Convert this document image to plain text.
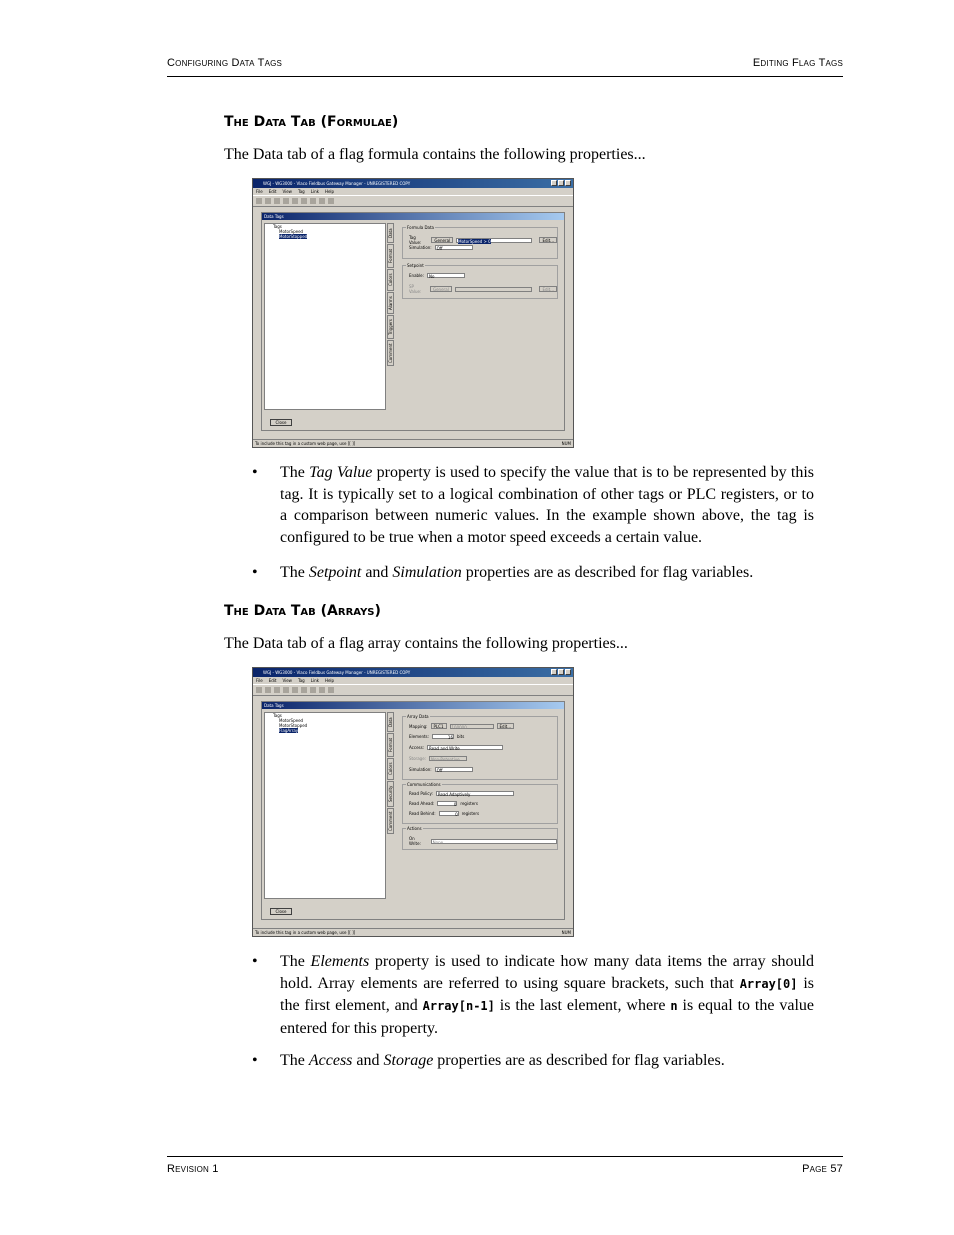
Configuring Data Tags	Editing Flag Tags
The Data Tab (Formulae)
The Data tab of a flag formula contains the following properties...
WGJ - WG3000 - Vlaco Fieldbus Gateway Manager - UNREGISTERED COPY
File Edit View Tag Link Help
Data Tags
Tags
MotorSpeed
MotorStopped	Data
Format
Colors
Alarms
Triggers
Comment
Formula Data
Tag Value:	General	MotorSpeed > 0	Edit...
Simulation:	Off
Setpoint
Enable:	No
SP Value:	General	Edit...
Close
To include this tag in a custom web page, use [[ ]]	NUM
• The Tag Value property is used to specify the value that is to be represented by this tag. It is typically set to a logical combination of other tags or PLC registers, or to a comparison between numeric values. In the example shown above, the tag is configured to be true when a motor speed exceeds a certain value.
• The Setpoint and Simulation properties are as described for flag variables.
The Data Tab (Arrays)
The Data tab of a flag array contains the following properties...
WGJ - WG3000 - Vlaco Fieldbus Gateway Manager - UNREGISTERED COPY
File Edit View Tag Link Help
Data Tags
Tags
MotorSpeed
MotorStopped
FlagArray
Data
Format
Colors
Security
Comment
Array Data
Mapping:	PLC1	100000	Edit...
Elements:	16 bits
Access:	Read and Write
Storage:	Non-Retentive
Simulation:	Off
Communications
Read Policy:	Read Adaptively
Read Ahead:	0 registers
Read Behind:	0 registers
Actions
On Write:	None
Close
To include this tag in a custom web page, use [[ ]]	NUM
• The Elements property is used to indicate how many data items the array should hold. Array elements are referred to using square brackets, such that Array[0] is the first element, and Array[n-1] is the last element, where n is equal to the value entered for this property.
• The Access and Storage properties are as described for flag variables.
Revision 1	Page 57
